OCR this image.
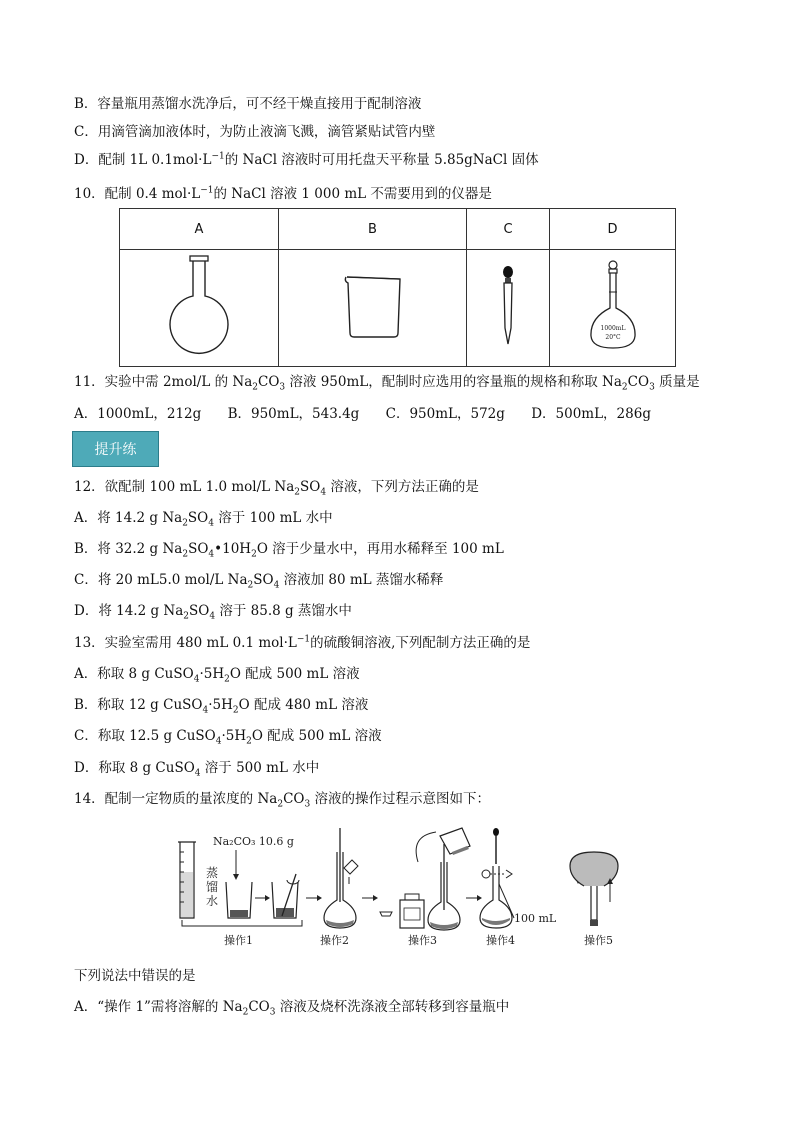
B．容量瓶用蒸馏水洗净后，可不经干燥直接用于配制溶液
C．用滴管滴加液体时，为防止液滴飞溅，滴管紧贴试管内壁
D．配制 1L $0.1mol\cdot L^{-1}$的 NaCl 溶液时可用托盘天平称量 5.85gNaCl 固体
10．配制 0.4 $mol\cdot L^{-1}$的 NaCl 溶液 1 000 mL 不需要用到的仪器是
A	B	C	D

1000mL
20°C
11．实验中需 2mol/L 的 $Na_2CO_3$ 溶液 950mL，配制时应选用的容量瓶的规格和称取 $Na_2CO_3$ 质量是
A．1000mL，212g B．950mL，543.4g C．950mL，572g D．500mL，286g
提升练
12．欲配制 100 mL 1.0 mol/L $Na_2SO_4$ 溶液，下列方法正确的是
A．将 14.2 g $Na_2SO_4$ 溶于 100 mL 水中
B．将 32.2 g $Na_2SO_4•10H_2O$ 溶于少量水中，再用水稀释至 100 mL
C．将 20 mL5.0 mol/L $Na_2SO_4$ 溶液加 80 mL 蒸馏水稀释
D．将 14.2 g $Na_2SO_4$ 溶于 85.8 g 蒸馏水中
13．实验室需用 480 mL 0.1 $mol\cdot L^{-1}$的硫酸铜溶液,下列配制方法正确的是
A．称取 8 g $CuSO_4\cdot 5H_2O$ 配成 500 mL 溶液
B．称取 12 g $CuSO_4\cdot 5H_2O$ 配成 480 mL 溶液
C．称取 12.5 g $CuSO_4\cdot 5H_2O$ 配成 500 mL 溶液
D．称取 8 g CuSO$_4$ 溶于 500 mL 水中
14．配制一定物质的量浓度的 $Na_2CO_3$ 溶液的操作过程示意图如下：
Na₂CO₃ 10.6 g
蒸
馏
水
操作1	操作2	操作3
100 mL
操作4	操作5
下列说法中错误的是
A．“操作 1”需将溶解的 $Na_2CO_3$ 溶液及烧杯洗涤液全部转移到容量瓶中
